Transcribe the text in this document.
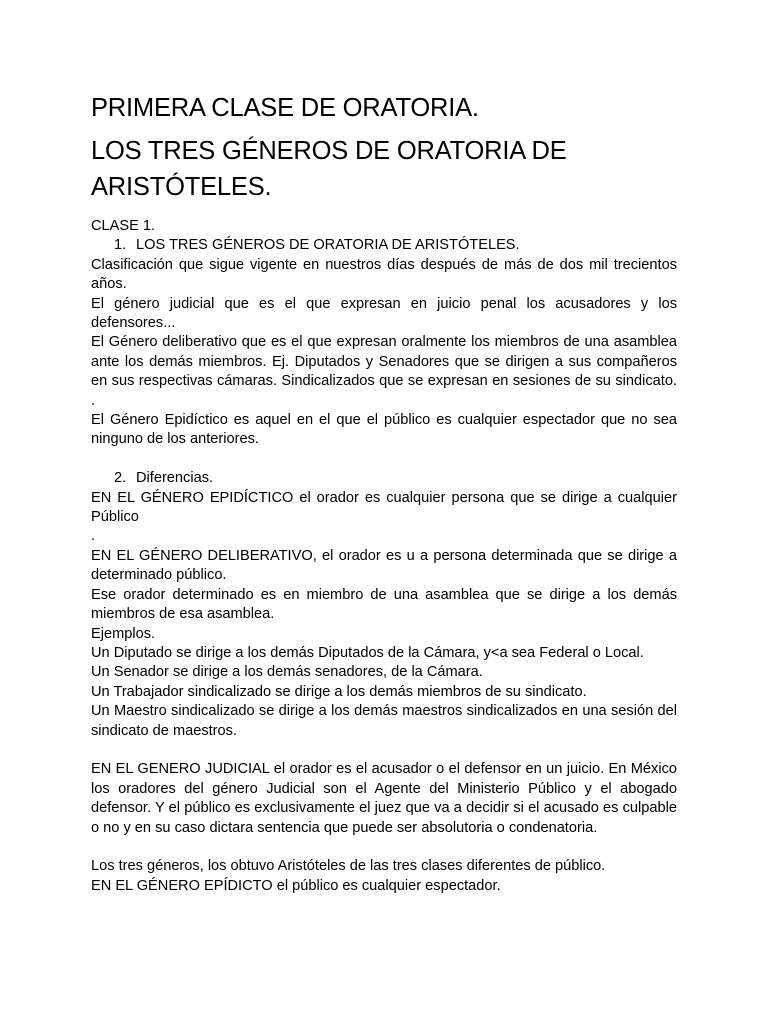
PRIMERA CLASE DE ORATORIA.
LOS TRES GÉNEROS DE ORATORIA DE ARISTÓTELES.

CLASE 1.

1. LOS TRES GÉNEROS DE ORATORIA DE ARISTÓTELES.

Clasificación que sigue vigente en nuestros días después de más de dos mil trecientos años.

El género judicial que es el que expresan en juicio penal los acusadores y los defensores...

El Género deliberativo que es el que expresan oralmente los miembros de una asamblea ante los demás miembros. Ej. Diputados y Senadores que se dirigen a sus compañeros en sus respectivas cámaras. Sindicalizados que se expresan en sesiones de su sindicato. .

El Género Epidíctico es aquel en el que el público es cualquier espectador que no sea ninguno de los anteriores.

2. Diferencias.

EN EL GÉNERO EPIDÍCTICO el orador es cualquier persona que se dirige a cualquier Público

.

EN EL GÉNERO DELIBERATIVO, el orador es u a persona determinada que se dirige a determinado público.

Ese orador determinado es en miembro de una asamblea que se dirige a los demás miembros de esa asamblea.

Ejemplos.

Un Diputado se dirige a los demás Diputados de la Cámara, y<a sea Federal o Local.

Un Senador se dirige a los demás senadores, de la Cámara.

Un Trabajador sindicalizado se dirige a los demás miembros de su sindicato.

Un Maestro sindicalizado se dirige a los demás maestros sindicalizados en una sesión del sindicato de maestros.

EN EL GENERO JUDICIAL el orador es el acusador o el defensor en un juicio. En México los oradores del género Judicial son el Agente del Ministerio Público y el abogado defensor. Y el público es exclusivamente el juez que va a decidir si el acusado es culpable o no y en su caso dictara sentencia que puede ser absolutoria o condenatoria.

Los tres géneros, los obtuvo Aristóteles de las tres clases diferentes de público.

EN EL GÉNERO EPÍDICTO el público es cualquier espectador.
